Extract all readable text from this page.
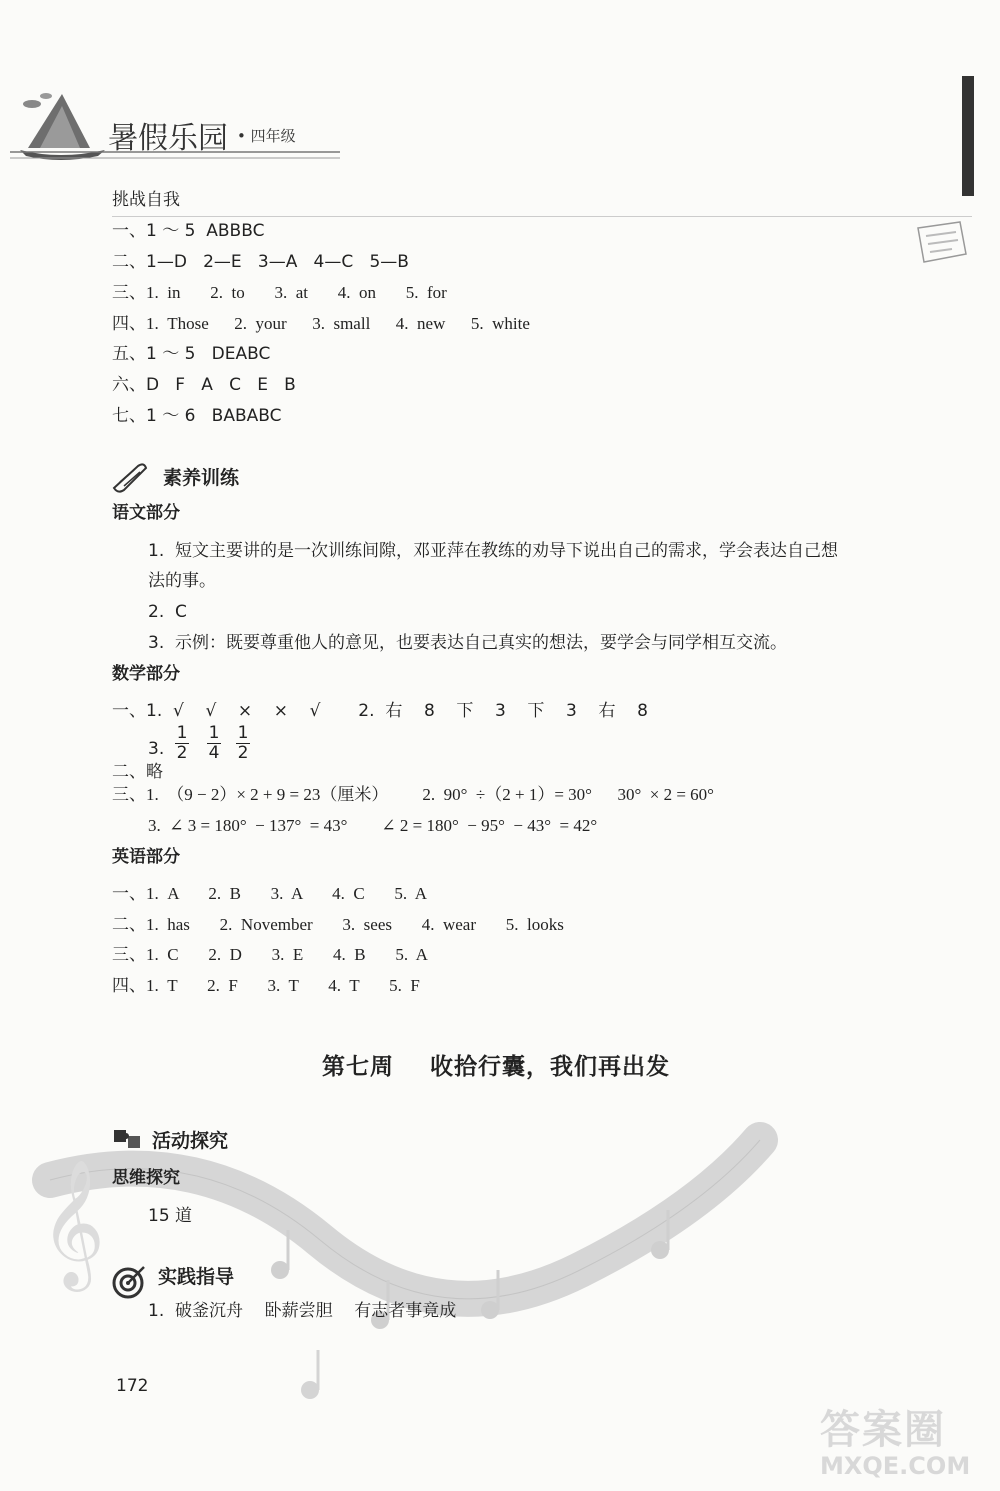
暑假乐园 • 四年级
挑战自我
一、1 ～ 5  ABBBC
二、1—D   2—E   3—A   4—C   5—B
三、1.  in       2.  to       3.  at       4.  on       5.  for
四、1.  Those      2.  your      3.  small      4.  new      5.  white
五、1 ～ 5   DEABC
六、D   F   A   C   E   B
七、1 ～ 6   BABABC
素养训练
语文部分
1.  短文主要讲的是一次训练间隙，邓亚萍在教练的劝导下说出自己的需求，学会表达自己想
法的事。
2.  C
3.  示例：既要尊重他人的意见，也要表达自己真实的想法，要学会与同学相互交流。
数学部分
一、1.  √    √    ×    ×    √       2.  右    8    下    3    下    3    右    8
3.
1
2
1
4
1
2
二、略
三、1.  （9 − 2）× 2 + 9 = 23（厘米）        2.  90°  ÷（2 + 1）= 30°      30°  × 2 = 60°
3.  ∠ 3 = 180°  − 137°  = 43°        ∠ 2 = 180°  − 95°  − 43°  = 42°
英语部分
一、1.  A       2.  B       3.  A       4.  C       5.  A
二、1.  has       2.  November       3.  sees       4.  wear       5.  looks
三、1.  C       2.  D       3.  E       4.  B       5.  A
四、1.  T       2.  F       3.  T       4.  T       5.  F
𝄞
第七周    收拾行囊，我们再出发
活动探究
思维探究
15 道
实践指导
1.  破釜沉舟    卧薪尝胆    有志者事竟成
172
答案圈
MXQE.COM
